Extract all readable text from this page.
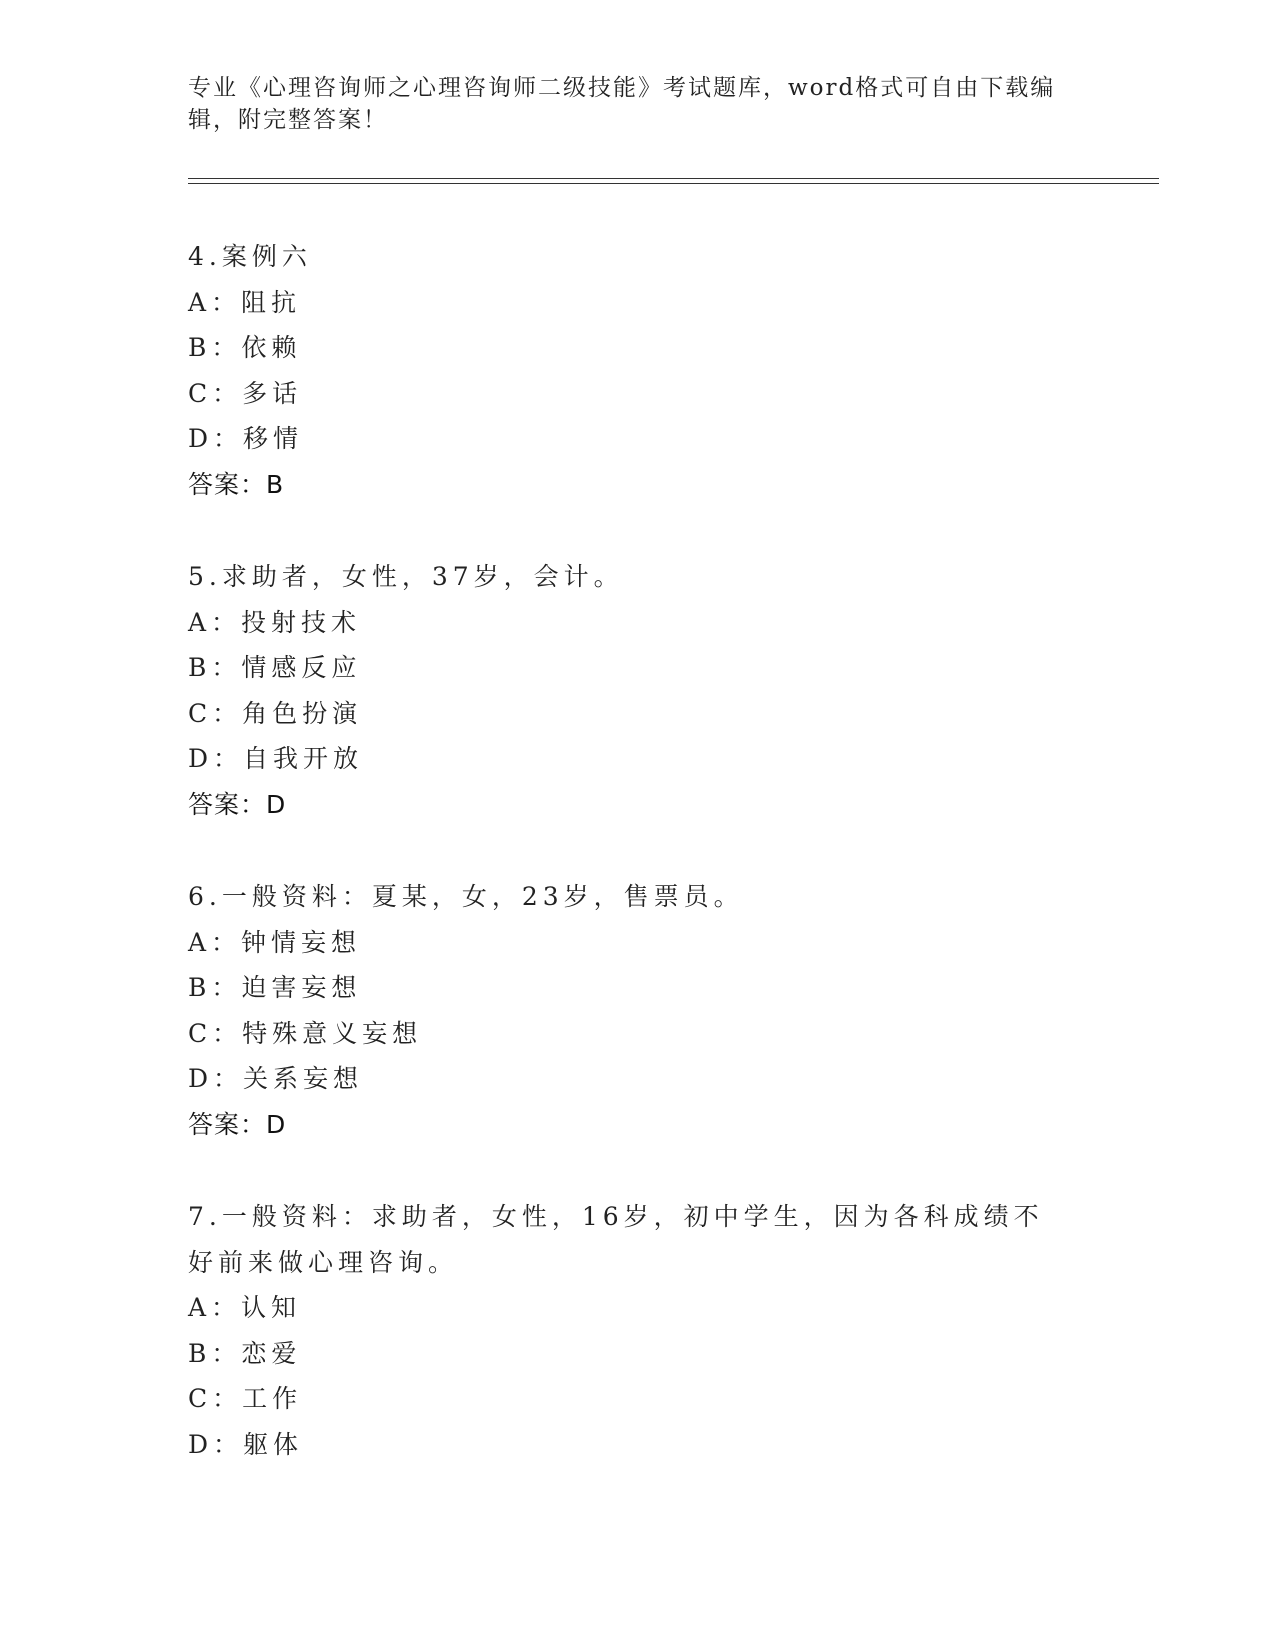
专业《心理咨询师之心理咨询师二级技能》考试题库，word格式可自由下载编辑，附完整答案！
4.案例六
A：阻抗
B：依赖
C：多话
D：移情
答案：B
5.求助者，女性，37岁，会计。
A：投射技术
B：情感反应
C：角色扮演
D：自我开放
答案：D
6.一般资料：夏某，女，23岁，售票员。
A：钟情妄想
B：迫害妄想
C：特殊意义妄想
D：关系妄想
答案：D
7.一般资料：求助者，女性，16岁，初中学生，因为各科成绩不好前来做心理咨询。
A：认知
B：恋爱
C：工作
D：躯体
